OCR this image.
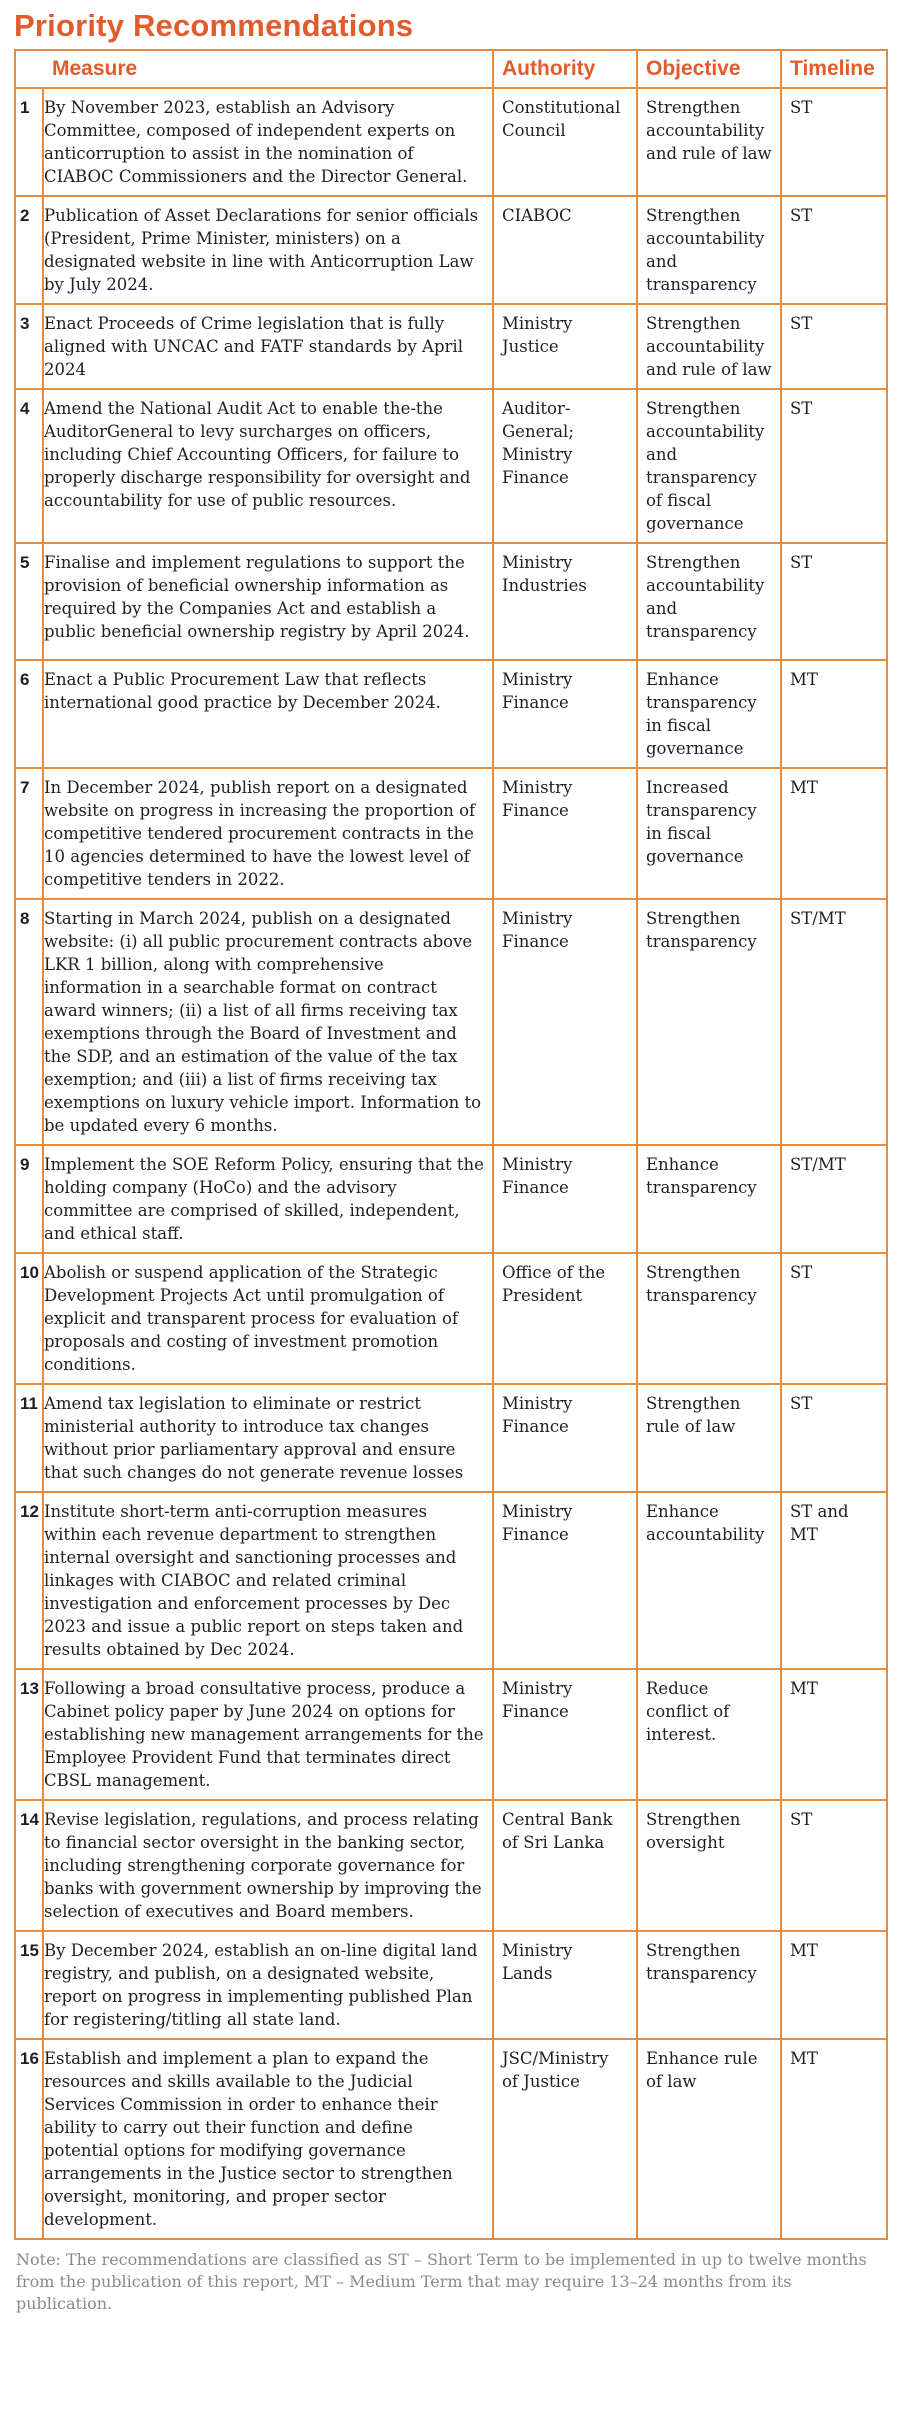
Priority Recommendations
Measure		Authority	Objective	Timeline
1	By November 2023, establish an Advisory Committee, composed of independent experts on anticorruption to assist in the nomination of CIABOC Commissioners and the Director General.	Constitutional Council	Strengthen accountability and rule of law	ST
2	Publication of Asset Declarations for senior officials (President, Prime Minister, ministers) on a designated website in line with Anticorruption Law by July 2024.	CIABOC	Strengthen accountability and transparency	ST
3	Enact Proceeds of Crime legislation that is fully aligned with UNCAC and FATF standards by April 2024	Ministry Justice	Strengthen accountability and rule of law	ST
4	Amend the National Audit Act to enable the-the AuditorGeneral to levy surcharges on officers, including Chief Accounting Officers, for failure to properly discharge responsibility for oversight and accountability for use of public resources.	Auditor-General; Ministry Finance	Strengthen accountability and transparency of fiscal governance	ST
5	Finalise and implement regulations to support the provision of beneficial ownership information as required by the Companies Act and establish a public beneficial ownership registry by April 2024.	Ministry Industries	Strengthen accountability and transparency	ST
6	Enact a Public Procurement Law that reflects international good practice by December 2024.	Ministry Finance	Enhance transparency in fiscal governance	MT
7	In December 2024, publish report on a designated website on progress in increasing the proportion of competitive tendered procurement contracts in the 10 agencies determined to have the lowest level of competitive tenders in 2022.	Ministry Finance	Increased transparency in fiscal governance	MT
8	Starting in March 2024, publish on a designated website: (i) all public procurement contracts above LKR 1 billion, along with comprehensive information in a searchable format on contract award winners; (ii) a list of all firms receiving tax exemptions through the Board of Investment and the SDP, and an estimation of the value of the tax exemption; and (iii) a list of firms receiving tax exemptions on luxury vehicle import. Information to be updated every 6 months.	Ministry Finance	Strengthen transparency	ST/MT
9	Implement the SOE Reform Policy, ensuring that the holding company (HoCo) and the advisory committee are comprised of skilled, independent, and ethical staff.	Ministry Finance	Enhance transparency	ST/MT
10	Abolish or suspend application of the Strategic Development Projects Act until promulgation of explicit and transparent process for evaluation of proposals and costing of investment promotion conditions.	Office of the President	Strengthen transparency	ST
11	Amend tax legislation to eliminate or restrict ministerial authority to introduce tax changes without prior parliamentary approval and ensure that such changes do not generate revenue losses	Ministry Finance	Strengthen rule of law	ST
12	Institute short-term anti-corruption measures within each revenue department to strengthen internal oversight and sanctioning processes and linkages with CIABOC and related criminal investigation and enforcement processes by Dec 2023 and issue a public report on steps taken and results obtained by Dec 2024.	Ministry Finance	Enhance accountability	ST and MT
13	Following a broad consultative process, produce a Cabinet policy paper by June 2024 on options for establishing new management arrangements for the Employee Provident Fund that terminates direct CBSL management.	Ministry Finance	Reduce conflict of interest.	MT
14	Revise legislation, regulations, and process relating to financial sector oversight in the banking sector, including strengthening corporate governance for banks with government ownership by improving the selection of executives and Board members.	Central Bank of Sri Lanka	Strengthen oversight	ST
15	By December 2024, establish an on-line digital land registry, and publish, on a designated website, report on progress in implementing published Plan for registering/titling all state land.	Ministry Lands	Strengthen transparency	MT
16	Establish and implement a plan to expand the resources and skills available to the Judicial Services Commission in order to enhance their ability to carry out their function and define potential options for modifying governance arrangements in the Justice sector to strengthen oversight, monitoring, and proper sector development.	JSC/Ministry of Justice	Enhance rule of law	MT
Note: The recommendations are classified as ST – Short Term to be implemented in up to twelve months from the publication of this report, MT – Medium Term that may require 13–24 months from its publication.
